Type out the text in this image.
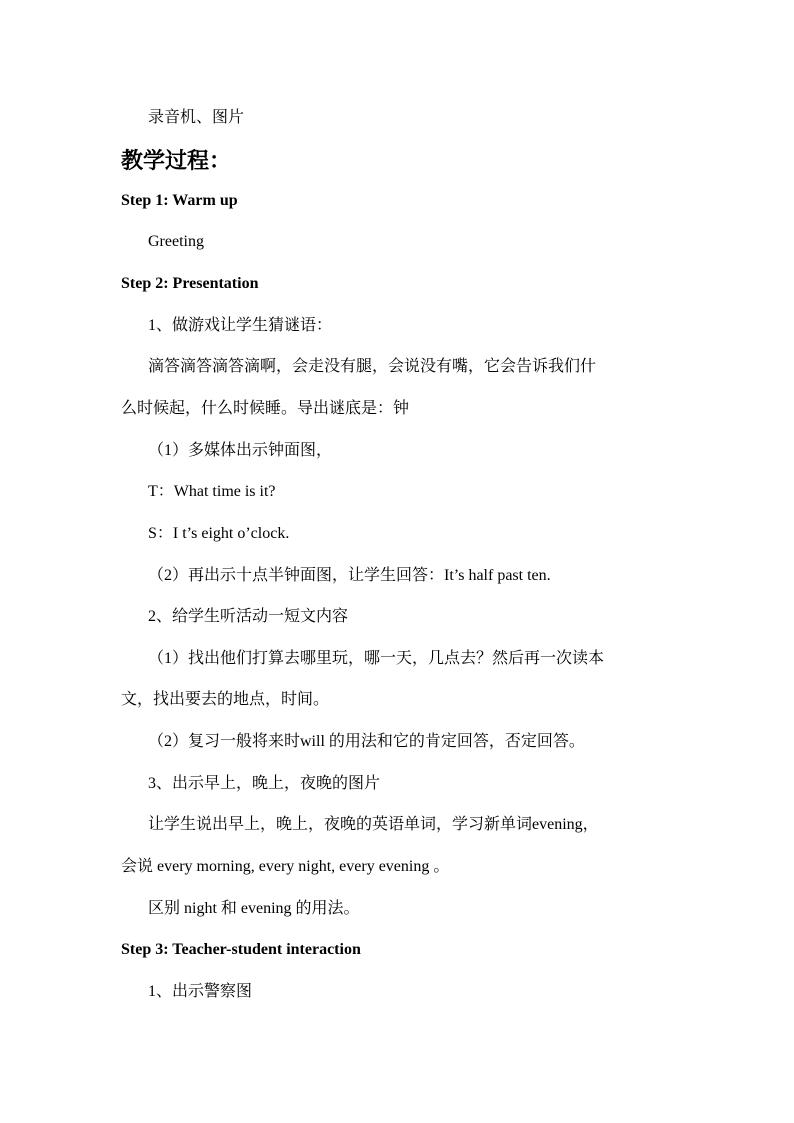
录音机、图片
教学过程：
Step 1: Warm up
Greeting
Step 2: Presentation
1、做游戏让学生猜谜语：
滴答滴答滴答滴啊，会走没有腿，会说没有嘴，它会告诉我们什
么时候起，什么时候睡。导出谜底是：钟
（1）多媒体出示钟面图，
T：What time is it?
S：I t’s eight o’clock.
（2）再出示十点半钟面图，让学生回答：It’s half past ten.
2、给学生听活动一短文内容
（1）找出他们打算去哪里玩，哪一天，几点去？然后再一次读本
文，找出要去的地点，时间。
（2）复习一般将来时will 的用法和它的肯定回答，否定回答。
3、出示早上，晚上，夜晚的图片
让学生说出早上，晚上，夜晚的英语单词，学习新单词evening，
会说 every morning, every night, every evening 。
区别 night 和 evening 的用法。
Step 3: Teacher-student interaction
1、出示警察图
